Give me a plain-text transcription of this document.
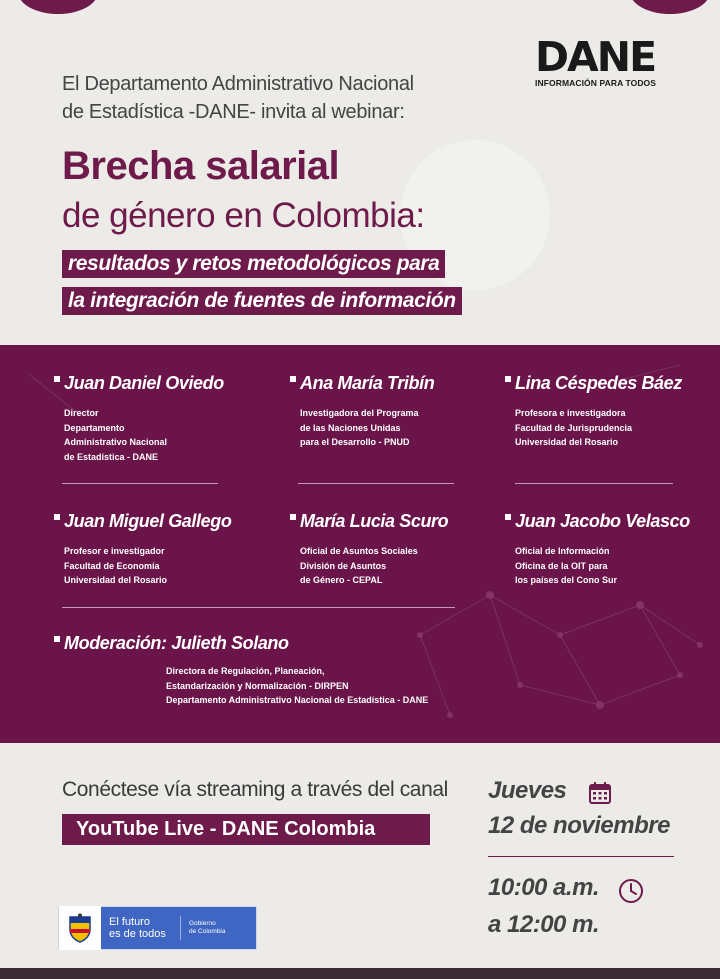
El Departamento Administrativo Nacional
de Estadística -DANE- invita al webinar:
DANE
INFORMACIÓN PARA TODOS
Brecha salarial
de género en Colombia:
resultados y retos metodológicos para
la integración de fuentes de información
Juan Daniel Oviedo
Director
Departamento
Administrativo Nacional
de Estadística - DANE
Ana María Tribín
Investigadora del Programa
de las Naciones Unidas
para el Desarrollo - PNUD
Lina Céspedes Báez
Profesora e investigadora
Facultad de Jurisprudencia
Universidad del Rosario
Juan Miguel Gallego
Profesor e investigador
Facultad de Economía
Universidad del Rosario
María Lucia Scuro
Oficial de Asuntos Sociales
División de Asuntos
de Género - CEPAL
Juan Jacobo Velasco
Oficial de Información
Oficina de la OIT para
los países del Cono Sur
Moderación: Julieth Solano
Directora de Regulación, Planeación,
Estandarización y Normalización - DIRPEN
Departamento Administrativo Nacional de Estadística - DANE
Conéctese vía streaming a través del canal
YouTube Live - DANE Colombia
Jueves
12 de noviembre
10:00 a.m.
a 12:00 m.
El futuro
es de todos
Gobierno
de Colombia
